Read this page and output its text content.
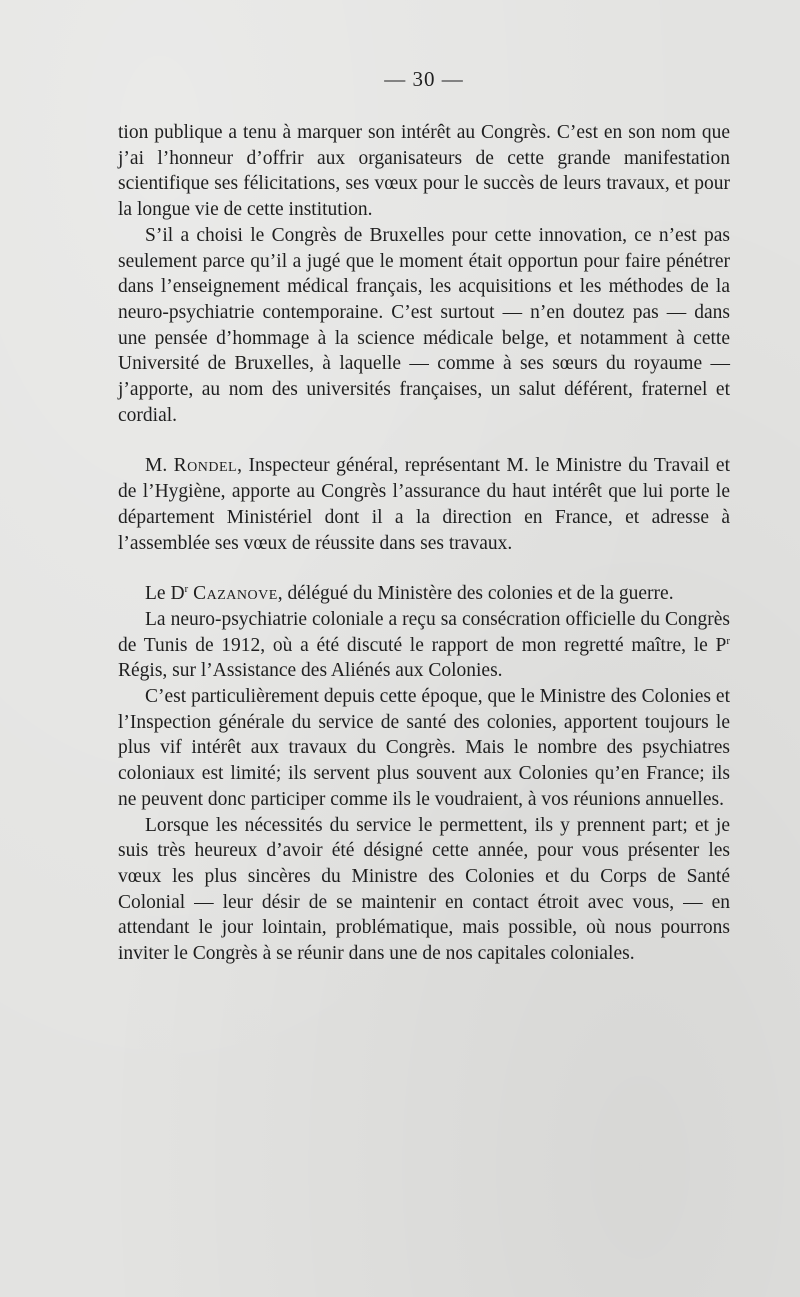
— 30 —

tion publique a tenu à marquer son intérêt au Congrès. C’est en son nom que j’ai l’honneur d’offrir aux organisateurs de cette grande manifestation scientifique ses félicitations, ses vœux pour le succès de leurs travaux, et pour la longue vie de cette institution.

S’il a choisi le Congrès de Bruxelles pour cette innovation, ce n’est pas seulement parce qu’il a jugé que le moment était opportun pour faire pénétrer dans l’enseignement médical français, les acquisitions et les méthodes de la neuro-psychiatrie contemporaine. C’est surtout — n’en doutez pas — dans une pensée d’hommage à la science médicale belge, et notamment à cette Université de Bruxelles, à laquelle — comme à ses sœurs du royaume — j’apporte, au nom des universités françaises, un salut déférent, fraternel et cordial.

M. Rondel, Inspecteur général, représentant M. le Ministre du Travail et de l’Hygiène, apporte au Congrès l’assurance du haut intérêt que lui porte le département Ministériel dont il a la direction en France, et adresse à l’assemblée ses vœux de réussite dans ses travaux.

Le $D^r$ Cazanove, délégué du Ministère des colonies et de la guerre.

La neuro-psychiatrie coloniale a reçu sa consécration officielle du Congrès de Tunis de 1912, où a été discuté le rapport de mon regretté maître, le $P^r$ Régis, sur l’Assistance des Aliénés aux Colonies.

C’est particulièrement depuis cette époque, que le Ministre des Colonies et l’Inspection générale du service de santé des colonies, apportent toujours le plus vif intérêt aux travaux du Congrès. Mais le nombre des psychiatres coloniaux est limité; ils servent plus souvent aux Colonies qu’en France; ils ne peuvent donc participer comme ils le voudraient, à vos réunions annuelles.

Lorsque les nécessités du service le permettent, ils y prennent part; et je suis très heureux d’avoir été désigné cette année, pour vous présenter les vœux les plus sincères du Ministre des Colonies et du Corps de Santé Colonial — leur désir de se maintenir en contact étroit avec vous, — en attendant le jour lointain, problématique, mais possible, où nous pourrons inviter le Congrès à se réunir dans une de nos capitales coloniales.
